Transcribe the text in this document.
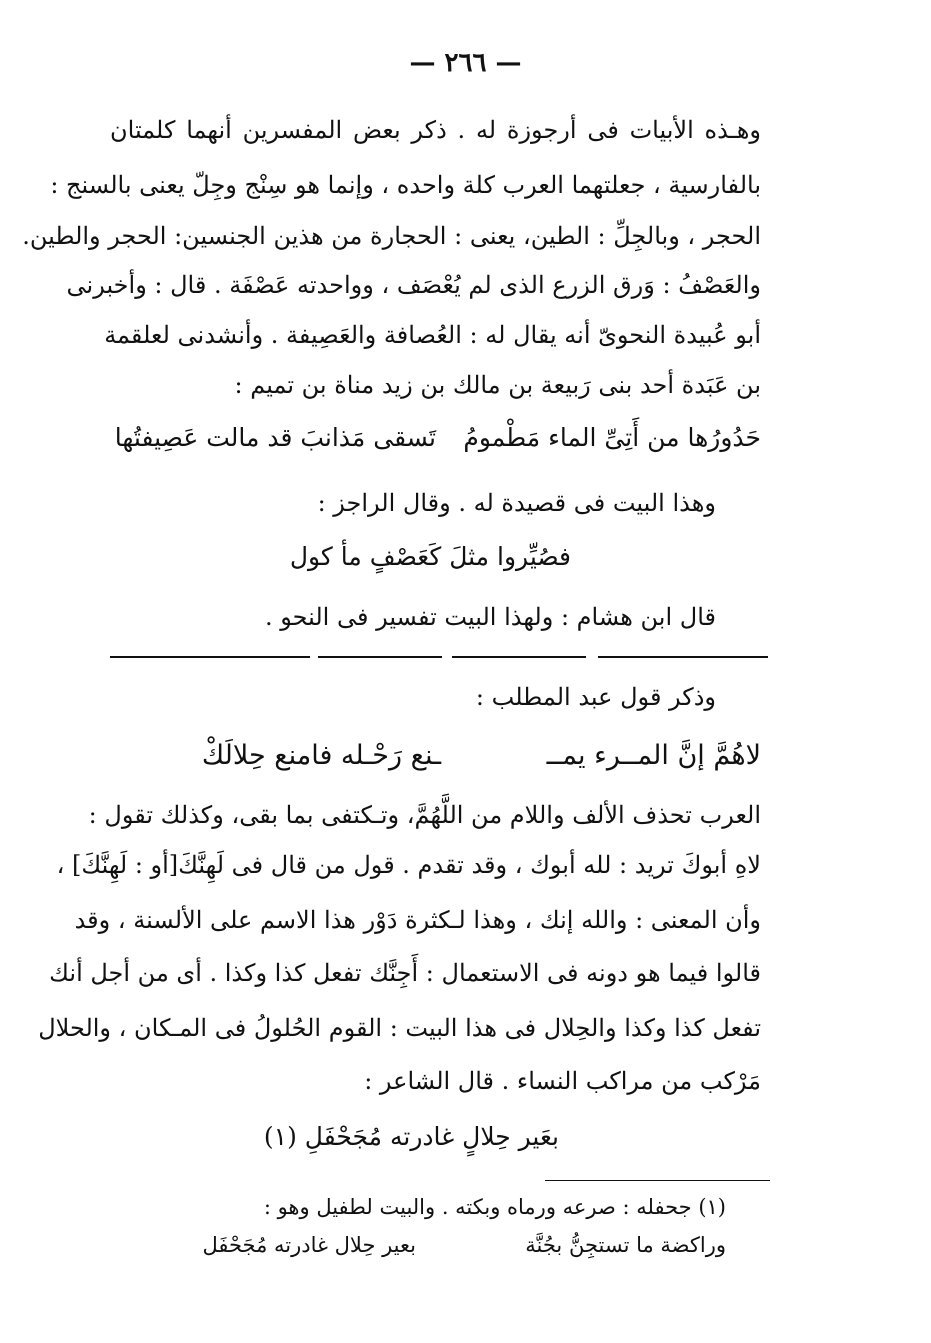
— ٢٦٦ —
وهـذه الأبيات فى أرجوزة له . ذكر بعض المفسرين أنهما كلمتان
بالفارسية ، جعلتهما العرب كلة واحده ، وإنما هو سِنْج وجِلّ يعنى بالسنج :
الحجر ، وبالجِلِّ : الطين، يعنى : الحجارة من هذين الجنسين: الحجر والطين.
والعَصْفُ : وَرق الزرع الذى لم يُعْصَف ، وواحدته عَصْفَة . قال : وأخبرنى
أبو عُبيدة النحوىّ أنه يقال له : العُصافة والعَصِيفة . وأنشدنى لعلقمة
بن عَبَدة أحد بنى رَبيعة بن مالك بن زيد مناة بن تميم :
تَسقى مَذانبَ قد مالت عَصِيفتُها حَدُورُها من أَتِىِّ الماء مَطْمومُ
وهذا البيت فى قصيدة له . وقال الراجز :
فصُيِّروا مثلَ كَعَصْفٍ مأ كول
قال ابن هشام : ولهذا البيت تفسير فى النحو .
وذكر قول عبد المطلب :
لاهُمَّ إنَّ المــرء يمــ
ـنع رَحْـله فامنع حِلالَكْ
العرب تحذف الألف واللام من اللَّهُمَّ، وتـكتفى بما بقى، وكذلك تقول :
لاهِ أبوكَ تريد : لله أبوك ، وقد تقدم . قول من قال فى لَهِنَّكَ[أو : لَهِنَّكَ] ،
وأن المعنى : والله إنك ، وهذا لـكثرة دَوْر هذا الاسم على الألسنة ، وقد
قالوا فيما هو دونه فى الاستعمال : أَجِنَّك تفعل كذا وكذا . أى من أجل أنك
تفعل كذا وكذا والحِلال فى هذا البيت : القوم الحُلولُ فى المـكان ، والحلال
مَرْكب من مراكب النساء . قال الشاعر :
بعَير حِلالٍ غادرته مُجَحْفَلِ (١)
(١) جحفله : صرعه ورماه وبكته . والبيت لطفيل وهو :
وراكضة ما تستجِنُّ بجُنَّة
بعير حِلال غادرته مُجَحْفَل
